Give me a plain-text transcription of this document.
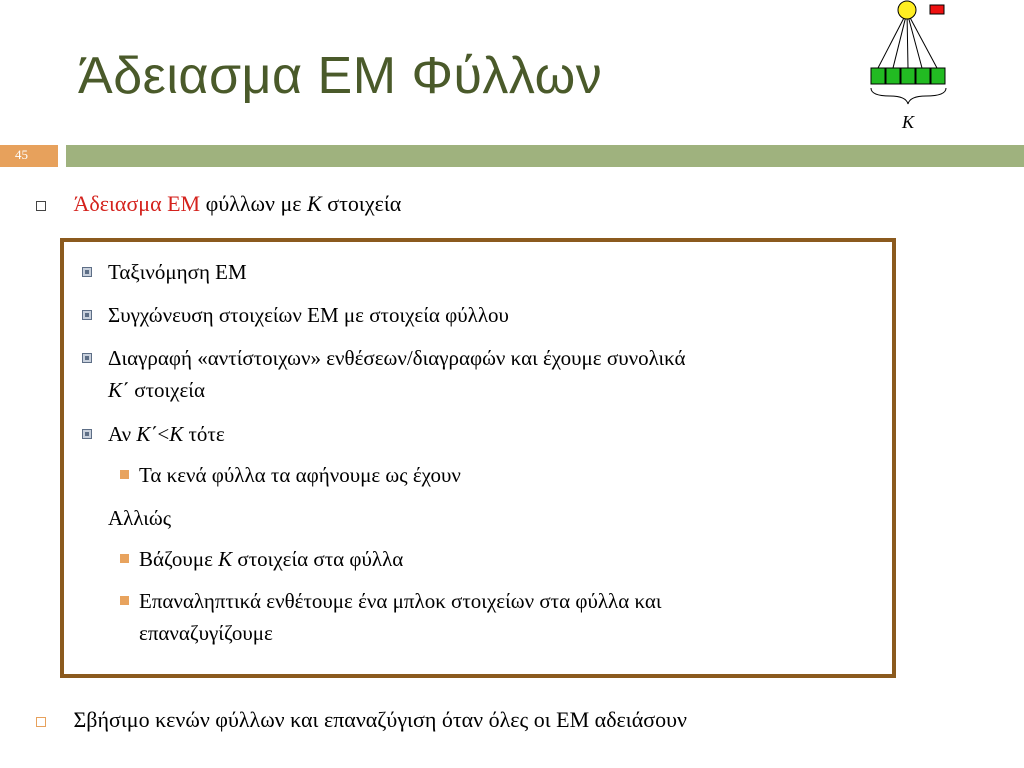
Άδειασμα ΕΜ Φύλλων
K
45
Άδειασμα ΕΜ φύλλων με K στοιχεία
Ταξινόμηση ΕΜ
Συγχώνευση στοιχείων ΕΜ με στοιχεία φύλλου
Διαγραφή «αντίστοιχων» ενθέσεων/διαγραφών και έχουμε συνολικά
K΄ στοιχεία
Αν K΄<K τότε
Τα κενά φύλλα τα αφήνουμε ως έχουν
Αλλιώς
Βάζουμε K στοιχεία στα φύλλα
Επαναληπτικά ενθέτουμε ένα μπλοκ στοιχείων στα φύλλα και
επαναζυγίζουμε
Σβήσιμο κενών φύλλων και επαναζύγιση όταν όλες οι ΕΜ αδειάσουν
